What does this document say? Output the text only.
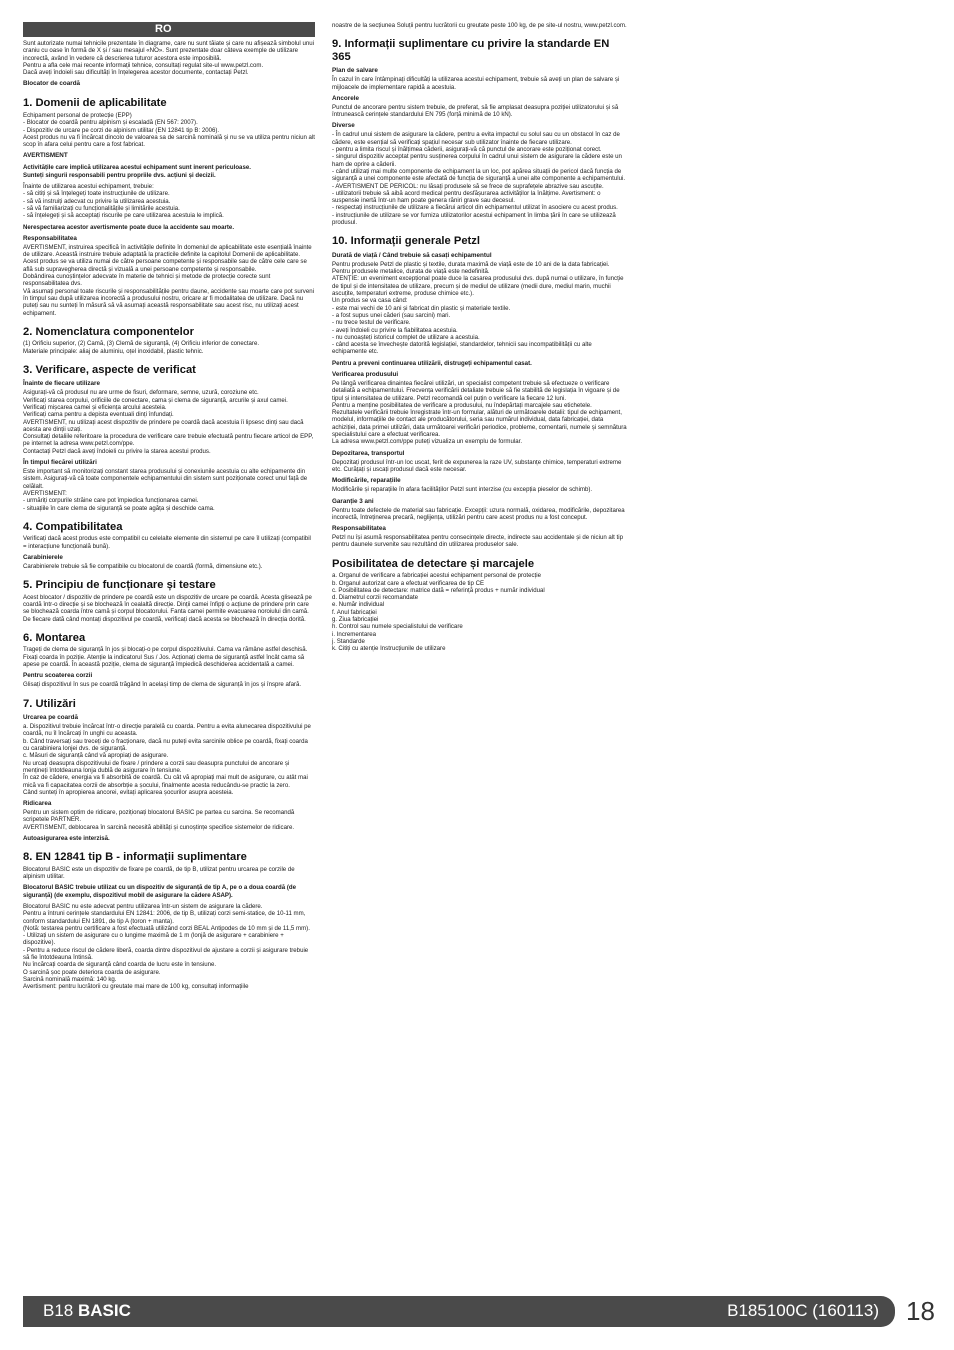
RO

Sunt autorizate numai tehnicile prezentate în diagrame, care nu sunt tăiate și care nu afișează simbolul unui craniu cu oase în formă de X și / sau mesajul «NO». Sunt prezentate doar câteva exemple de utilizare incorectă, având în vedere că descrierea tuturor acestora este imposibilă.
Pentru a afla cele mai recente informații tehnice, consultați regulat site-ul www.petzl.com.
Dacă aveți îndoieli sau dificultăți în înțelegerea acestor documente, contactați Petzl.

Blocator de coardă
1. Domenii de aplicabilitate

Echipament personal de protecție (EPP)
- Blocator de coardă pentru alpinism și escaladă (EN 567: 2007).
- Dispozitiv de urcare pe corzi de alpinism utilitar (EN 12841 tip B: 2006).
Acest produs nu va fi încărcat dincolo de valoarea sa de sarcină nominală și nu se va utiliza pentru niciun alt scop în afara celui pentru care a fost fabricat.

AVERTISMENT

Activitățile care implică utilizarea acestui echipament sunt inerent periculoase.
Sunteți singurii responsabili pentru propriile dvs. acțiuni și decizii.

Înainte de utilizarea acestui echipament, trebuie:
- să citiți și să înțelegeți toate instrucțiunile de utilizare.
- să vă instruiți adecvat cu privire la utilizarea acestuia.
- să vă familiarizați cu funcționalitățile și limitările acestuia.
- să înțelegeți și să acceptați riscurile pe care utilizarea acestuia le implică.

Nerespectarea acestor avertismente poate duce la accidente sau moarte.

Responsabilitatea

AVERTISMENT, instruirea specifică în activitățile definite în domeniul de aplicabilitate este esențială înainte de utilizare. Această instruire trebuie adaptată la practicile definite la capitolul Domenii de aplicabilitate.
Acest produs se va utiliza numai de către persoane competente și responsabile sau de către cele care se află sub supravegherea directă și vizuală a unei persoane competente și responsabile.
Dobândirea cunoștințelor adecvate în materie de tehnici și metode de protecție corecte sunt responsabilitatea dvs.
Vă asumați personal toate riscurile și responsabilitățile pentru daune, accidente sau moarte care pot surveni în timpul sau după utilizarea incorectă a produsului nostru, oricare ar fi modalitatea de utilizare. Dacă nu puteți sau nu sunteți în măsură să vă asumați această responsabilitate sau acest risc, nu utilizați acest echipament.

2. Nomenclatura componentelor

(1) Orificiu superior, (2) Camă, (3) Clemă de siguranță, (4) Orificiu inferior de conectare.
Materiale principale: aliaj de aluminiu, oțel inoxidabil, plastic tehnic.

3. Verificare, aspecte de verificat
Înainte de fiecare utilizare

Asigurați-vă că produsul nu are urme de fisuri, deformare, semne, uzură, coroziune etc.
Verificați starea corpului, orificiile de conectare, cama și clema de siguranță, arcurile și axul camei.
Verificați mișcarea camei și eficiența arcului acesteia.
Verificați cama pentru a depista eventuali dinți înfundați.
AVERTISMENT, nu utilizați acest dispozitiv de prindere pe coardă dacă acestuia îi lipsesc dinți sau dacă acesta are dinții uzați.
Consultați detaliile referitoare la procedura de verificare care trebuie efectuată pentru fiecare articol de EPP, pe internet la adresa www.petzl.com/ppe.
Contactați Petzl dacă aveți îndoieli cu privire la starea acestui produs.

În timpul fiecărei utilizări

Este important să monitorizați constant starea produsului și conexiunile acestuia cu alte echipamente din sistem. Asigurați-vă că toate componentele echipamentului din sistem sunt poziționate corect unul față de celălalt.
AVERTISMENT:
- urmăriți corpurile străine care pot împiedica funcționarea camei.
- situațiile în care clema de siguranță se poate agăța și deschide cama.

4. Compatibilitatea

Verificați dacă acest produs este compatibil cu celelalte elemente din sistemul pe care îl utilizați (compatibil = interacțiune funcțională bună).

Carabinierele

Carabinierele trebuie să fie compatibile cu blocatorul de coardă (formă, dimensiune etc.).

5. Principiu de funcționare și testare

Acest blocator / dispozitiv de prindere pe coardă este un dispozitiv de urcare pe coardă. Acesta glisează pe coardă într-o direcție și se blochează în cealaltă direcție. Dinții camei înfipți o acțiune de prindere prin care se blochează coarda între camă și corpul blocatorului. Fanta camei permite evacuarea noroiului din camă. De fiecare dată când montați dispozitivul pe coardă, verificați dacă acesta se blochează în direcția dorită.

6. Montarea

Trageți de clema de siguranță în jos și blocați-o pe corpul dispozitivului. Cama va rămâne astfel deschisă.
Fixați coarda în poziție. Atenție la indicatorul Sus / Jos. Acționați clema de siguranță astfel încât cama să apese pe coardă. În această poziție, clema de siguranță împiedică deschiderea accidentală a camei.

Pentru scoaterea corzii

Glisați dispozitivul în sus pe coardă trăgând în același timp de clema de siguranță în jos și înspre afară.

7. Utilizări
Urcarea pe coardă

a. Dispozitivul trebuie încărcat într-o direcție paralelă cu coarda. Pentru a evita alunecarea dispozitivului pe coardă, nu îl încărcați în unghi cu aceasta.
b. Când traversați sau treceți de o fracționare, dacă nu puteți evita sarcinile oblice pe coardă, fixați coarda cu carabiniera lonjei dvs. de siguranță.
c. Măsuri de siguranță când vă apropiați de asigurare.
Nu urcați deasupra dispozitivului de fixare / prindere a corzii sau deasupra punctului de ancorare și mențineți întotdeauna lonja dublă de asigurare în tensiune.
În caz de cădere, energia va fi absorbită de coardă. Cu cât vă apropiați mai mult de asigurare, cu atât mai mică va fi capacitatea corzii de absorbție a șocului, finalmente acesta reducându-se practic la zero.
Când sunteți în apropierea ancorei, evitați aplicarea șocurilor asupra acesteia.

Ridicarea

Pentru un sistem optim de ridicare, poziționați blocatorul BASIC pe partea cu sarcina. Se recomandă scripetele PARTNER.
AVERTISMENT, deblocarea în sarcină necesită abilități și cunoștințe specifice sistemelor de ridicare.

Autoasigurarea este interzisă.

8. EN 12841 tip B - informații suplimentare

Blocatorul BASIC este un dispozitiv de fixare pe coardă, de tip B, utilizat pentru urcarea pe corzile de alpinism utilitar.

Blocatorul BASIC trebuie utilizat cu un dispozitiv de siguranță de tip A, pe o a doua coardă (de siguranță) (de exemplu, dispozitivul mobil de asigurare la cădere ASAP).

Blocatorul BASIC nu este adecvat pentru utilizarea într-un sistem de asigurare la cădere.
Pentru a întruni cerințele standardului EN 12841: 2006, de tip B, utilizați corzi semi-statice, de 10-11 mm, conform standardului EN 1891, de tip A (toron + manta).
(Notă: testarea pentru certificare a fost efectuată utilizând corzi BEAL Antipodes de 10 mm și de 11,5 mm).
- Utilizați un sistem de asigurare cu o lungime maximă de 1 m (lonjă de asigurare + carabiniere + dispozitive).
- Pentru a reduce riscul de cădere liberă, coarda dintre dispozitivul de ajustare a corzii și asigurare trebuie să fie întotdeauna întinsă.
Nu încărcați coarda de siguranță când coarda de lucru este în tensiune.
O sarcină șoc poate deteriora coarda de asigurare.
Sarcină nominală maximă: 140 kg.
Avertisment: pentru lucrătorii cu greutate mai mare de 100 kg, consultați informațiile

noastre de la secțiunea Soluții pentru lucrătorii cu greutate peste 100 kg, de pe site-ul nostru, www.petzl.com.

9. Informații suplimentare cu privire la standarde EN 365
Plan de salvare

În cazul în care întâmpinați dificultăți la utilizarea acestui echipament, trebuie să aveți un plan de salvare și mijloacele de implementare rapidă a acestuia.

Ancorele

Punctul de ancorare pentru sistem trebuie, de preferat, să fie amplasat deasupra poziției utilizatorului și să întrunească cerințele standardului EN 795 (forță minimă de 10 kN).

Diverse

- În cadrul unui sistem de asigurare la cădere, pentru a evita impactul cu solul sau cu un obstacol în caz de cădere, este esențial să verificați spațiul necesar sub utilizator înainte de fiecare utilizare.
- pentru a limita riscul și înălțimea căderii, asigurați-vă că punctul de ancorare este poziționat corect.
- singurul dispozitiv acceptat pentru susținerea corpului în cadrul unui sistem de asigurare la cădere este un ham de oprire a căderii.
- când utilizați mai multe componente de echipament la un loc, pot apărea situații de pericol dacă funcția de siguranță a unei componente este afectată de funcția de siguranță a unei alte componente a echipamentului.
- AVERTISMENT DE PERICOL: nu lăsați produsele să se frece de suprafețele abrazive sau ascuțite.
- utilizatorii trebuie să aibă acord medical pentru desfășurarea activităților la înălțime. Avertisment: o suspensie inertă într-un ham poate genera răniri grave sau decesul.
- respectați instrucțiunile de utilizare a fiecărui articol din echipamentul utilizat în asociere cu acest produs.
- instrucțiunile de utilizare se vor furniza utilizatorilor acestui echipament în limba țării în care se utilizează produsul.

10. Informații generale Petzl
Durată de viață / Când trebuie să casați echipamentul

Pentru produsele Petzl de plastic și textile, durata maximă de viață este de 10 ani de la data fabricației. Pentru produsele metalice, durata de viață este nedefinită.
ATENȚIE: un eveniment excepțional poate duce la casarea produsului dvs. după numai o utilizare, în funcție de tipul și de intensitatea de utilizare, precum și de mediul de utilizare (medii dure, mediul marin, muchii ascuțite, temperaturi extreme, produse chimice etc.).
Un produs se va casa când:
- este mai vechi de 10 ani și fabricat din plastic și materiale textile.
- a fost supus unei căderi (sau sarcini) mari.
- nu trece testul de verificare.
- aveți îndoieli cu privire la fiabilitatea acestuia.
- nu cunoașteți istoricul complet de utilizare a acestuia.
- când acesta se învechește datorită legislației, standardelor, tehnicii sau incompatibilității cu alte echipamente etc.

Pentru a preveni continuarea utilizării, distrugeți echipamentul casat.

Verificarea produsului

Pe lângă verificarea dinaintea fiecărei utilizări, un specialist competent trebuie să efectueze o verificare detaliată a echipamentului. Frecvența verificării detaliate trebuie să fie stabilită de legislația în vigoare și de tipul și intensitatea de utilizare. Petzl recomandă cel puțin o verificare la fiecare 12 luni.
Pentru a menține posibilitatea de verificare a produsului, nu îndepărtați marcajele sau etichetele.
Rezultatele verificării trebuie înregistrate într-un formular, alături de următoarele detalii: tipul de echipament, modelul, informațiile de contact ale producătorului, seria sau numărul individual, data fabricației, data achiziției, data primei utilizări, data următoarei verificări periodice, probleme, comentarii, numele și semnătura specialistului care a efectuat verificarea.
La adresa www.petzl.com/ppe puteți vizualiza un exemplu de formular.

Depozitarea, transportul

Depozitați produsul într-un loc uscat, ferit de expunerea la raze UV, substanțe chimice, temperaturi extreme etc. Curățați și uscați produsul dacă este necesar.

Modificările, reparațiile

Modificările și reparațiile în afara facilităților Petzl sunt interzise (cu excepția pieselor de schimb).

Garanție 3 ani

Pentru toate defectele de material sau fabricație. Excepții: uzura normală, oxidarea, modificările, depozitarea incorectă, întreținerea precară, neglijența, utilizări pentru care acest produs nu a fost conceput.

Responsabilitatea

Petzl nu își asumă responsabilitatea pentru consecințele directe, indirecte sau accidentale și de niciun alt tip pentru daunele survenite sau rezultând din utilizarea produselor sale.

Posibilitatea de detectare și marcajele

a. Organul de verificare a fabricației acestui echipament personal de protecție
b. Organul autorizat care a efectuat verificarea de tip CE
c. Posibilitatea de detectare: matrice dată = referință produs + număr individual
d. Diametrul corzii recomandate
e. Număr individual
f. Anul fabricației
g. Ziua fabricației
h. Control sau numele specialistului de verificare
i. Incrementarea
j. Standarde
k. Citiți cu atenție Instrucțiunile de utilizare

B18 BASIC	B185100C (160113) 18
